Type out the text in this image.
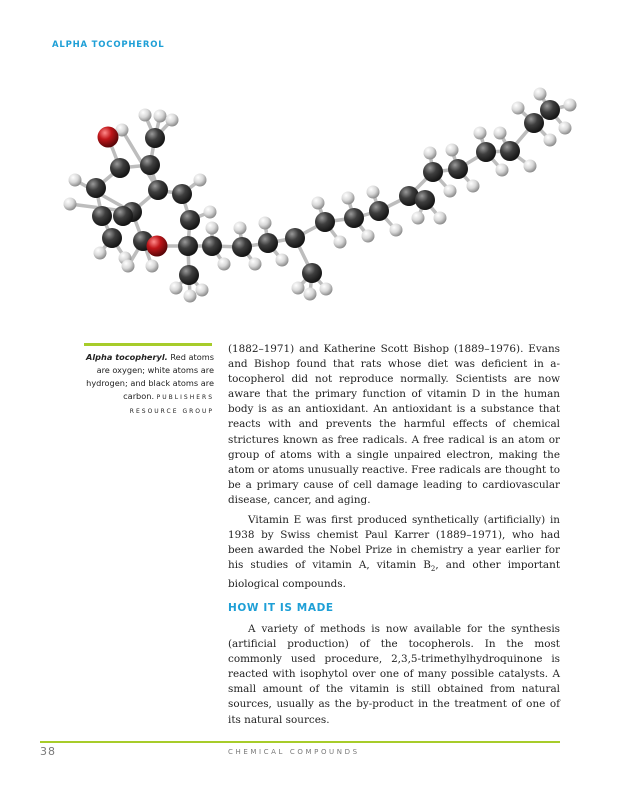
ALPHA TOCOPHEROL
Alpha tocopheryl. Red atoms are oxygen; white atoms are hydrogen; and black atoms are carbon. PUBLISHERS RESOURCE GROUP

(1882–1971) and Katherine Scott Bishop (1889–1976). Evans and Bishop found that rats whose diet was deficient in a-tocopherol did not reproduce normally. Scientists are now aware that the primary function of vitamin D in the human body is as an antioxidant. An antioxidant is a substance that reacts with and prevents the harmful effects of chemical strictures known as free radicals. A free radical is an atom or group of atoms with a single unpaired electron, making the atom or atoms unusually reactive. Free radicals are thought to be a primary cause of cell damage leading to cardiovascular disease, cancer, and aging.

Vitamin E was first produced synthetically (artificially) in 1938 by Swiss chemist Paul Karrer (1889–1971), who had been awarded the Nobel Prize in chemistry a year earlier for his studies of vitamin A, vitamin $B_2$, and other important biological compounds.

HOW IT IS MADE

A variety of methods is now available for the synthesis (artificial production) of the tocopherols. In the most commonly used procedure, 2,3,5-trimethylhydroquinone is reacted with isophytol over one of many possible catalysts. A small amount of the vitamin is still obtained from natural sources, usually as the by-product in the treatment of one of its natural sources.

38	CHEMICAL COMPOUNDS
